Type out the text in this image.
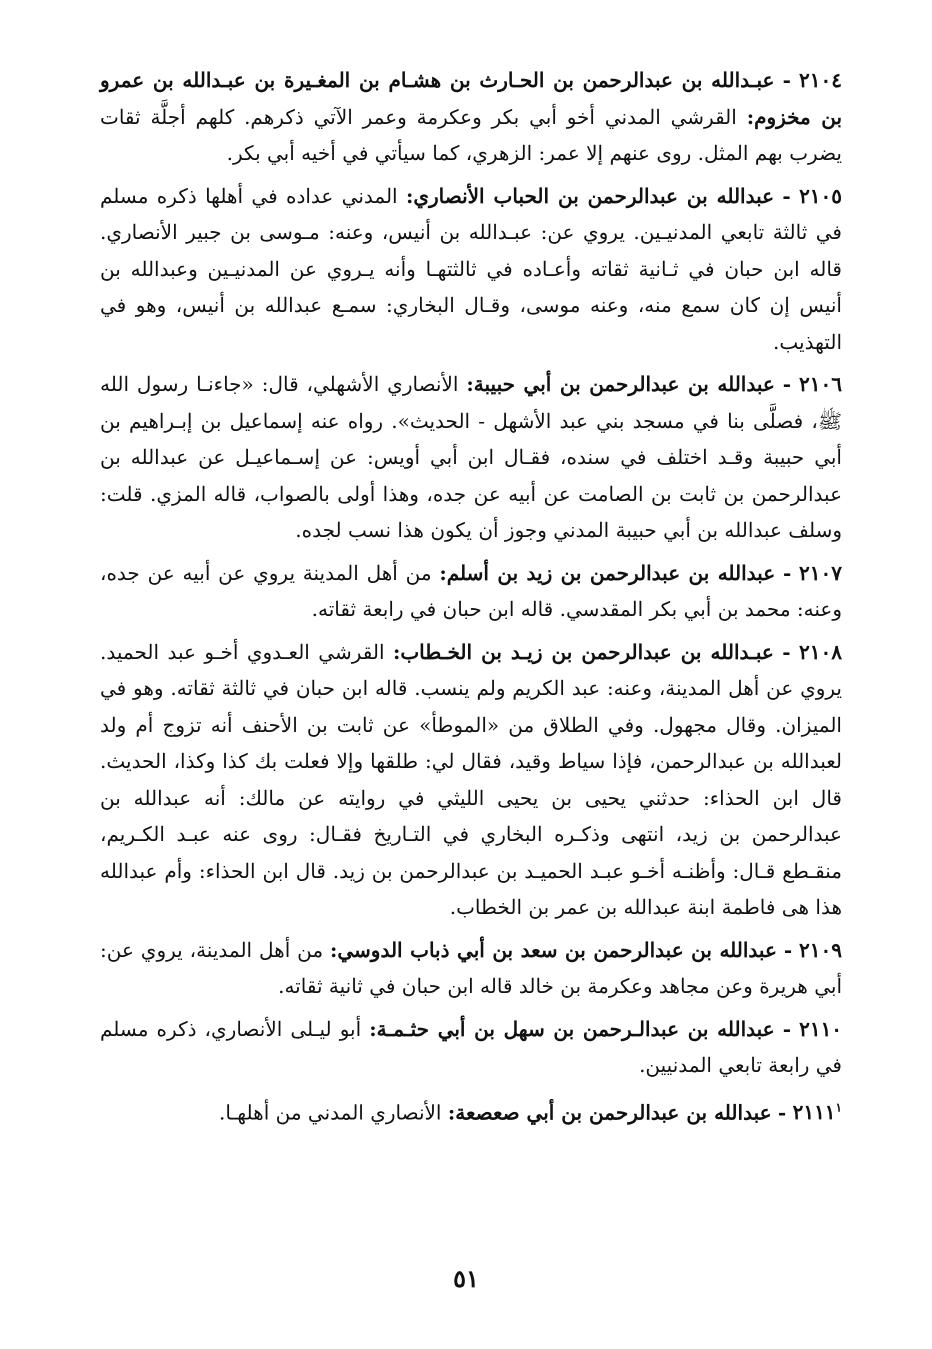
٢١٠٤ - عبـدالله بن عبدالرحمن بن الحـارث بن هشـام بن المغـيرة بن عبـدالله بن عمرو بن مخزوم: القرشي المدني أخو أبي بكر وعكرمة وعمر الآتي ذكرهم. كلهم أجلَّة ثقات يضرب بهم المثل. روى عنهم إلا عمر: الزهري، كما سيأتي في أخيه أبي بكر.

٢١٠٥ - عبدالله بن عبدالرحمن بن الحباب الأنصاري: المدني عداده في أهلها ذكره مسلم في ثالثة تابعي المدنيـين. يروي عن: عبـدالله بن أنيس، وعنه: مـوسى بن جبير الأنصاري. قاله ابن حبان في ثـانية ثقاته وأعـاده في ثالثتهـا وأنه يـروي عن المدنيـين وعبدالله بن أنيس إن كان سمع منه، وعنه موسى، وقـال البخاري: سمـع عبدالله بن أنيس، وهو في التهذيب.

٢١٠٦ - عبدالله بن عبدالرحمن بن أبي حبيبة: الأنصاري الأشهلي، قال: «جاءنـا رسول الله ﷺ، فصلَّى بنا في مسجد بني عبد الأشهل - الحديث». رواه عنه إسماعيل بن إبـراهيم بن أبي حبيبة وقـد اختلف في سنده، فقـال ابن أبي أويس: عن إسـماعيـل عن عبدالله بن عبدالرحمن بن ثابت بن الصامت عن أبيه عن جده، وهذا أولى بالصواب، قاله المزي. قلت: وسلف عبدالله بن أبي حبيبة المدني وجوز أن يكون هذا نسب لجده.

٢١٠٧ - عبدالله بن عبدالرحمن بن زيد بن أسلم: من أهل المدينة يروي عن أبيه عن جده، وعنه: محمد بن أبي بكر المقدسي. قاله ابن حبان في رابعة ثقاته.

٢١٠٨ - عبـدالله بن عبدالرحمن بن زيـد بن الخـطاب: القرشي العـدوي أخـو عبد الحميد. يروي عن أهل المدينة، وعنه: عبد الكريم ولم ينسب. قاله ابن حبان في ثالثة ثقاته. وهو في الميزان. وقال مجهول. وفي الطلاق من «الموطأ» عن ثابت بن الأحنف أنه تزوج أم ولد لعبدالله بن عبدالرحمن، فإذا سياط وقيد، فقال لي: طلقها وإلا فعلت بك كذا وكذا، الحديث. قال ابن الحذاء: حدثني يحيى بن يحيى الليثي في روايته عن مالك: أنه عبدالله بن عبدالرحمن بن زيد، انتهى وذكـره البخاري في التـاريخ فقـال: روى عنه عبـد الكـريم، منقـطع قـال: وأظنـه أخـو عبـد الحميـد بن عبدالرحمن بن زيد. قال ابن الحذاء: وأم عبدالله هذا هى فاطمة ابنة عبدالله بن عمر بن الخطاب.

٢١٠٩ - عبدالله بن عبدالرحمن بن سعد بن أبي ذباب الدوسي: من أهل المدينة، يروي عن: أبي هريرة وعن مجاهد وعكرمة بن خالد قاله ابن حبان في ثانية ثقاته.

٢١١٠ - عبدالله بن عبدالـرحمن بن سهل بن أبي حثـمـة: أبو ليـلى الأنصاري، ذكره مسلم في رابعة تابعي المدنيين.

٢١١١$^١$ - عبدالله بن عبدالرحمن بن أبي صعصعة: الأنصاري المدني من أهلهـا.

٥١
